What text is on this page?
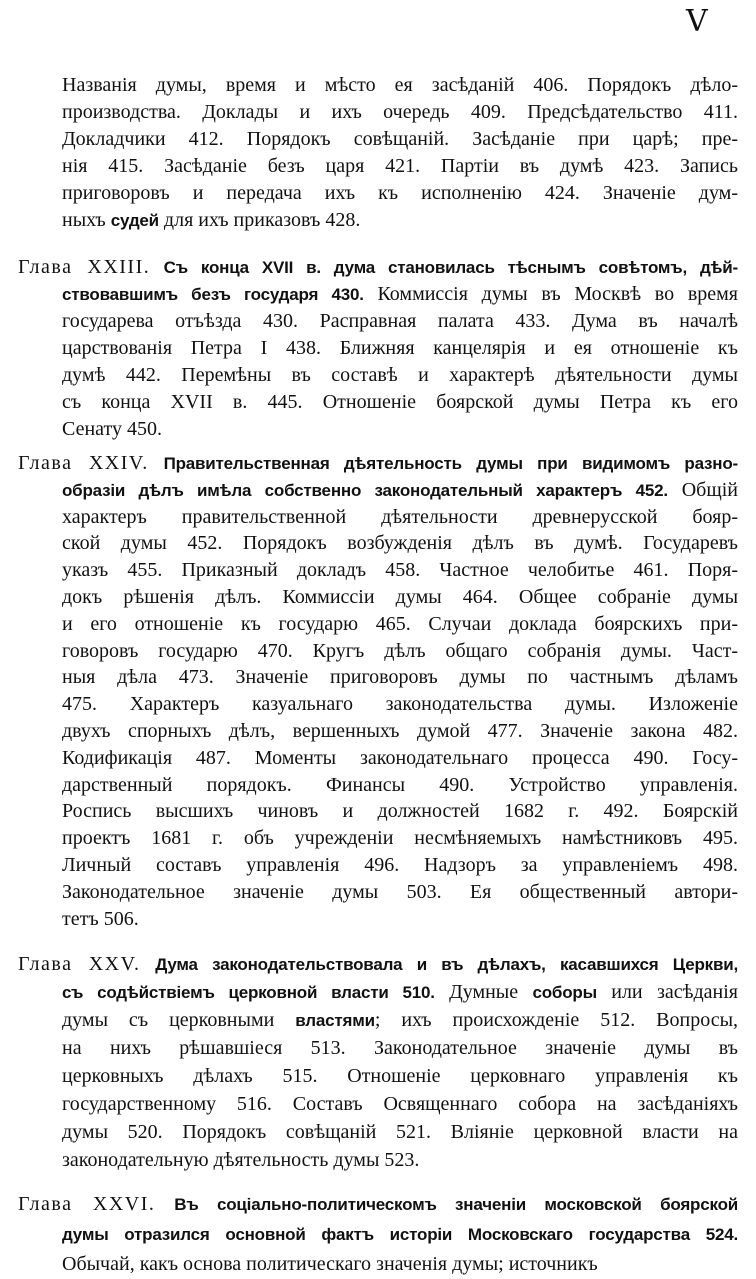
V
Названія думы, время и мѣсто ея засѣданій 406. Порядокъ дѣло-
производства. Доклады и ихъ очередь 409. Предсѣдательство 411.
Докладчики 412. Порядокъ совѣщаній. Засѣданіе при царѣ; пре-
нія 415. Засѣданіе безъ царя 421. Партіи въ думѣ 423. Запись
приговоровъ и передача ихъ къ исполненію 424. Значеніе дум-
ныхъ судей для ихъ приказовъ 428.
Глава XXIII. Съ конца XVII в. дума становилась тѣснымъ совѣтомъ, дѣй-
ствовавшимъ безъ государя 430. Коммиссія думы въ Москвѣ во время
государева отъѣзда 430. Расправная палата 433. Дума въ началѣ
царствованія Петра I 438. Ближняя канцелярія и ея отношеніе къ
думѣ 442. Перемѣны въ составѣ и характерѣ дѣятельности думы
съ конца XVII в. 445. Отношеніе боярской думы Петра къ его
Сенату 450.
Глава XXIV. Правительственная дѣятельность думы при видимомъ разно-
образіи дѣлъ имѣла собственно законодательный характеръ 452. Общій
характеръ правительственной дѣятельности древнерусской бояр-
ской думы 452. Порядокъ возбужденія дѣлъ въ думѣ. Государевъ
указъ 455. Приказный докладъ 458. Частное челобитье 461. Поря-
докъ рѣшенія дѣлъ. Коммиссіи думы 464. Общее собраніе думы
и его отношеніе къ государю 465. Случаи доклада боярскихъ при-
говоровъ государю 470. Кругъ дѣлъ общаго собранія думы. Част-
ныя дѣла 473. Значеніе приговоровъ думы по частнымъ дѣламъ
475. Характеръ казуальнаго законодательства думы. Изложеніе
двухъ спорныхъ дѣлъ, вершенныхъ думой 477. Значеніе закона 482.
Кодификація 487. Моменты законодательнаго процесса 490. Госу-
дарственный порядокъ. Финансы 490. Устройство управленія.
Роспись высшихъ чиновъ и должностей 1682 г. 492. Боярскій
проектъ 1681 г. объ учрежденіи несмѣняемыхъ намѣстниковъ 495.
Личный составъ управленія 496. Надзоръ за управленіемъ 498.
Законодательное значеніе думы 503. Ея общественный автори-
тетъ 506.
Глава XXV. Дума законодательствовала и въ дѣлахъ, касавшихся Церкви,
съ содѣйствіемъ церковной власти 510. Думные соборы или засѣданія
думы съ церковными властями; ихъ происхожденіе 512. Вопросы,
на нихъ рѣшавшіеся 513. Законодательное значеніе думы въ
церковныхъ дѣлахъ 515. Отношеніе церковнаго управленія къ
государственному 516. Составъ Освященнаго собора на засѣданіяхъ
думы 520. Порядокъ совѣщаній 521. Вліяніе церковной власти на
законодательную дѣятельность думы 523.
Глава XXVI. Въ соціально-политическомъ значеніи московской боярской
думы отразился основной фактъ исторіи Московскаго государства 524.
Обычай, какъ основа политическаго значенія думы; источникъ
